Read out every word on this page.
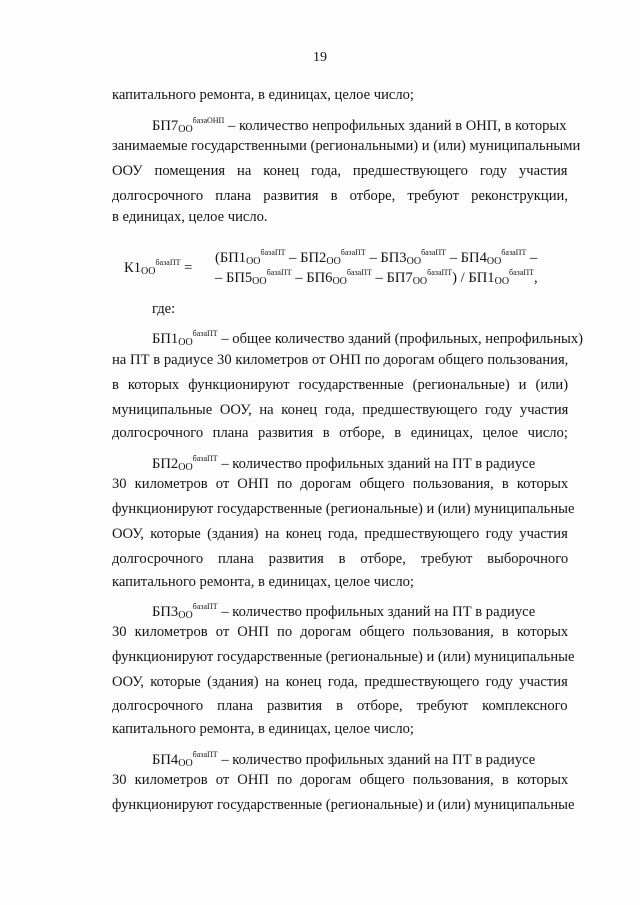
19
капитального ремонта, в единицах, целое число;
$БП7_{ОО}^{базаОНП}$ – количество непрофильных зданий в ОНП, в которых
занимаемые государственными (региональными) и (или) муниципальными
ООУ помещения на конец года, предшествующего году участия
долгосрочного плана развития в отборе, требуют реконструкции,
в единицах, целое число.
$К1_{ОО}^{базаПТ}$ =
($БП1_{ОО}^{базаПТ} - БП2_{ОО}^{базаПТ} - БП3_{ОО}^{базаПТ} - БП4_{ОО}^{базаПТ}$ –
– $БП5_{ОО}^{базаПТ} - БП6_{ОО}^{базаПТ} - БП7_{ОО}^{базаПТ}) / БП1_{ОО}^{базаПТ}$,
где:
$БП1_{ОО}^{базаПТ}$ – общее количество зданий (профильных, непрофильных)
на ПТ в радиусе 30 километров от ОНП по дорогам общего пользования,
в которых функционируют государственные (региональные) и (или)
муниципальные ООУ, на конец года, предшествующего году участия
долгосрочного плана развития в отборе, в единицах, целое число;
$БП2_{ОО}^{базаПТ}$ – количество профильных зданий на ПТ в радиусе
30 километров от ОНП по дорогам общего пользования, в которых
функционируют государственные (региональные) и (или) муниципальные
ООУ, которые (здания) на конец года, предшествующего году участия
долгосрочного плана развития в отборе, требуют выборочного
капитального ремонта, в единицах, целое число;
$БП3_{ОО}^{базаПТ}$ – количество профильных зданий на ПТ в радиусе
30 километров от ОНП по дорогам общего пользования, в которых
функционируют государственные (региональные) и (или) муниципальные
ООУ, которые (здания) на конец года, предшествующего году участия
долгосрочного плана развития в отборе, требуют комплексного
капитального ремонта, в единицах, целое число;
$БП4_{ОО}^{базаПТ}$ – количество профильных зданий на ПТ в радиусе
30 километров от ОНП по дорогам общего пользования, в которых
функционируют государственные (региональные) и (или) муниципальные
